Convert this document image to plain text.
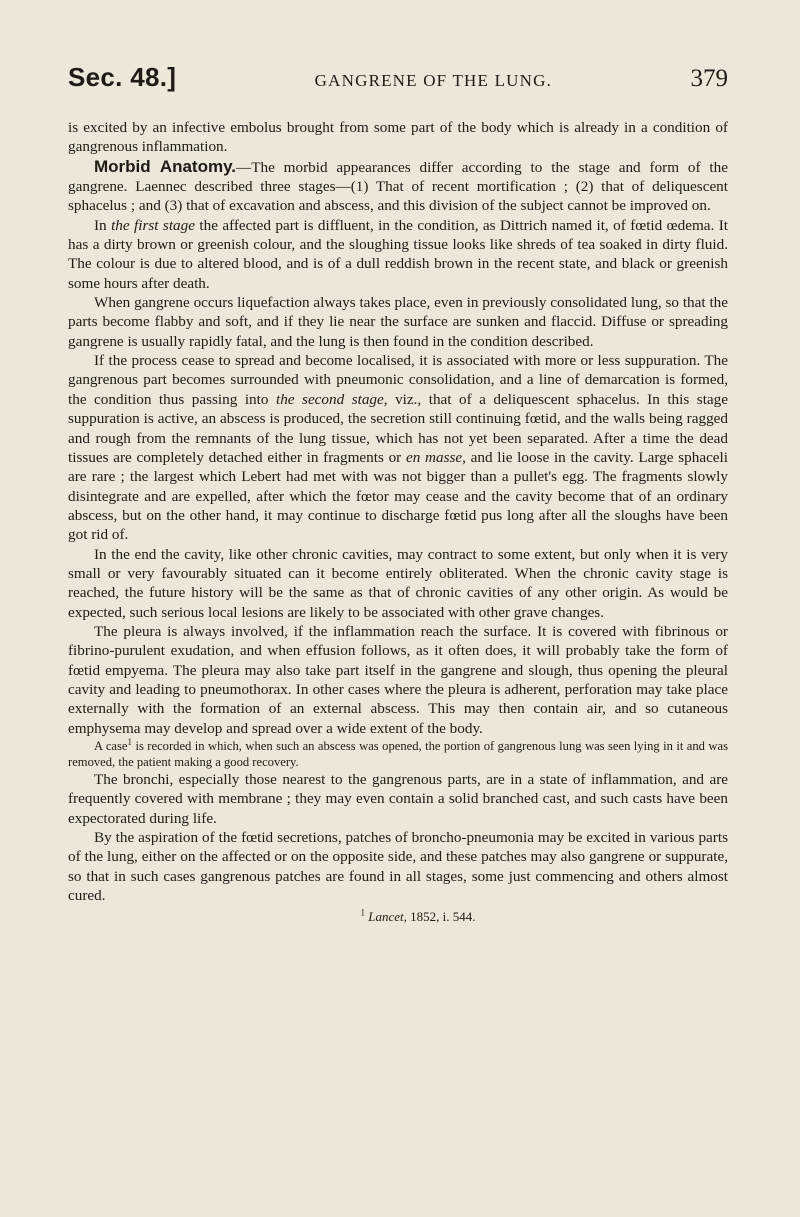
Sec. 48.]	GANGRENE OF THE LUNG.	379

is excited by an infective embolus brought from some part of the body which is already in a condition of gangrenous inflammation.

Morbid Anatomy.—The morbid appearances differ according to the stage and form of the gangrene. Laennec described three stages—(1) That of recent mortification ; (2) that of deliquescent sphacelus ; and (3) that of excavation and abscess, and this division of the subject cannot be improved on.

In the first stage the affected part is diffluent, in the condition, as Dittrich named it, of fœtid œdema. It has a dirty brown or greenish colour, and the sloughing tissue looks like shreds of tea soaked in dirty fluid. The colour is due to altered blood, and is of a dull reddish brown in the recent state, and black or greenish some hours after death.

When gangrene occurs liquefaction always takes place, even in previously consolidated lung, so that the parts become flabby and soft, and if they lie near the surface are sunken and flaccid. Diffuse or spreading gangrene is usually rapidly fatal, and the lung is then found in the condition described.

If the process cease to spread and become localised, it is associated with more or less suppuration. The gangrenous part becomes surrounded with pneumonic consolidation, and a line of demarcation is formed, the condition thus passing into the second stage, viz., that of a deliquescent sphacelus. In this stage suppuration is active, an abscess is produced, the secretion still continuing fœtid, and the walls being ragged and rough from the remnants of the lung tissue, which has not yet been separated. After a time the dead tissues are completely detached either in fragments or en masse, and lie loose in the cavity. Large sphaceli are rare ; the largest which Lebert had met with was not bigger than a pullet's egg. The fragments slowly disintegrate and are expelled, after which the fœtor may cease and the cavity become that of an ordinary abscess, but on the other hand, it may continue to discharge fœtid pus long after all the sloughs have been got rid of.

In the end the cavity, like other chronic cavities, may contract to some extent, but only when it is very small or very favourably situated can it become entirely obliterated. When the chronic cavity stage is reached, the future history will be the same as that of chronic cavities of any other origin. As would be expected, such serious local lesions are likely to be associated with other grave changes.

The pleura is always involved, if the inflammation reach the surface. It is covered with fibrinous or fibrino-purulent exudation, and when effusion follows, as it often does, it will probably take the form of fœtid empyema. The pleura may also take part itself in the gangrene and slough, thus opening the pleural cavity and leading to pneumothorax. In other cases where the pleura is adherent, perforation may take place externally with the formation of an external abscess. This may then contain air, and so cutaneous emphysema may develop and spread over a wide extent of the body.

A case$^1$ is recorded in which, when such an abscess was opened, the portion of gangrenous lung was seen lying in it and was removed, the patient making a good recovery.

The bronchi, especially those nearest to the gangrenous parts, are in a state of inflammation, and are frequently covered with membrane ; they may even contain a solid branched cast, and such casts have been expectorated during life.

By the aspiration of the fœtid secretions, patches of broncho-pneumonia may be excited in various parts of the lung, either on the affected or on the opposite side, and these patches may also gangrene or suppurate, so that in such cases gangrenous patches are found in all stages, some just commencing and others almost cured.

$^1$ Lancet, 1852, i. 544.
